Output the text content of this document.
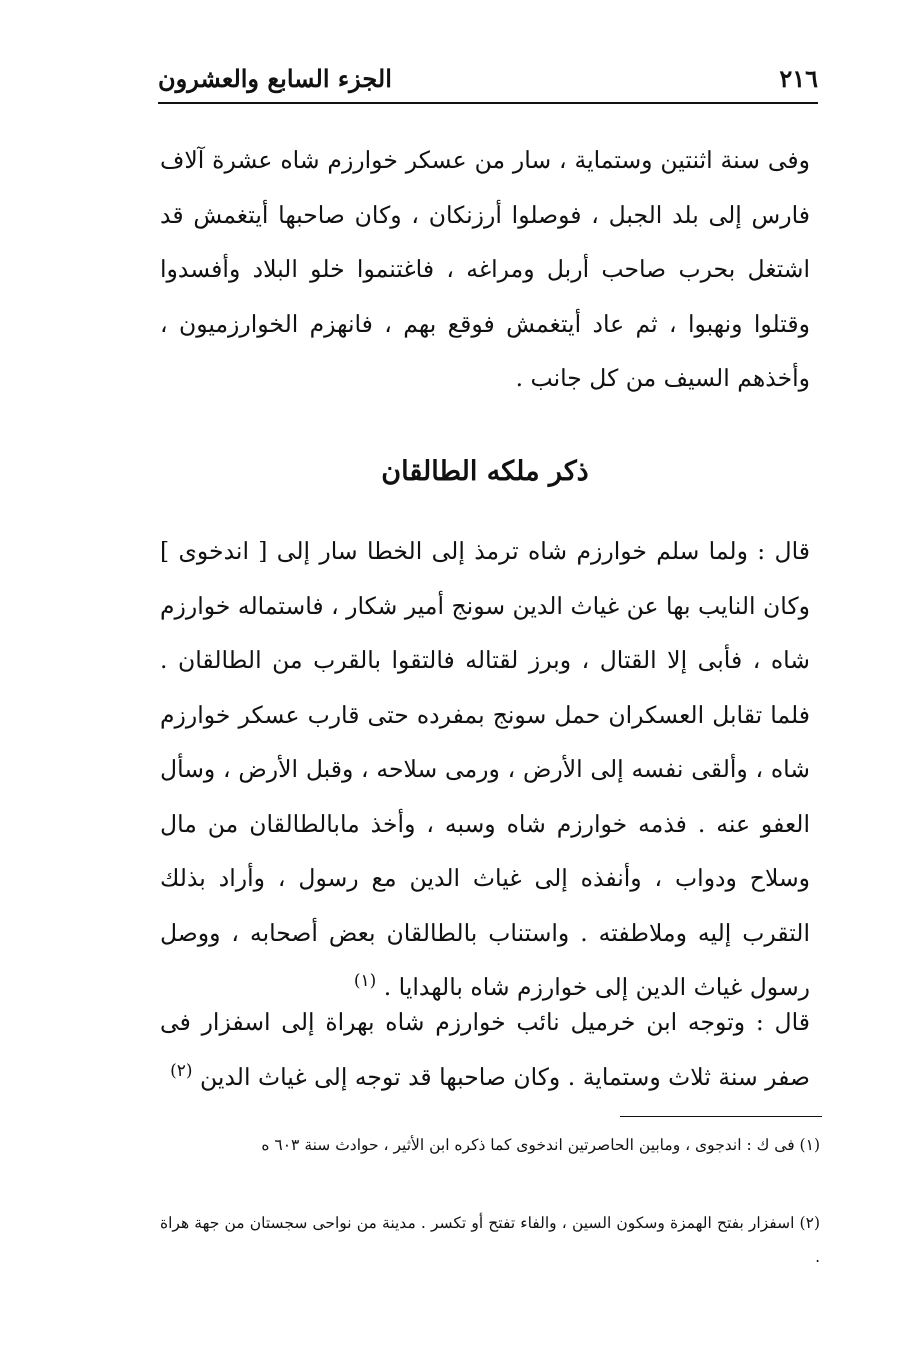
٢١٦
الجزء السابع والعشرون

وفى سنة اثنتين وستماية ، سار من عسكر خوارزم شاه عشرة آلاف فارس إلى بلد الجبل ، فوصلوا أرزنكان ، وكان صاحبها أيتغمش قد اشتغل بحرب صاحب أربل ومراغه ، فاغتنموا خلو البلاد وأفسدوا وقتلوا ونهبوا ، ثم عاد أيتغمش فوقع بهم ، فانهزم الخوارزميون ، وأخذهم السيف من كل جانب .

ذكر ملكه الطالقان

قال : ولما سلم خوارزم شاه ترمذ إلى الخطا سار إلى [ اندخوى ] وكان النايب بها عن غياث الدين سونج أمير شكار ، فاستماله خوارزم شاه ، فأبى إلا القتال ، وبرز لقتاله فالتقوا بالقرب من الطالقان . فلما تقابل العسكران حمل سونج بمفرده حتى قارب عسكر خوارزم شاه ، وألقى نفسه إلى الأرض ، ورمى سلاحه ، وقبل الأرض ، وسأل العفو عنه . فذمه خوارزم شاه وسبه ، وأخذ مابالطالقان من مال وسلاح ودواب ، وأنفذه إلى غياث الدين مع رسول ، وأراد بذلك التقرب إليه وملاطفته . واستناب بالطالقان بعض أصحابه ، ووصل رسول غياث الدين إلى خوارزم شاه بالهدايا . $^{(١)}$

قال : وتوجه ابن خرميل نائب خوارزم شاه بهراة إلى اسفزار فى صفر سنة ثلاث وستماية . وكان صاحبها قد توجه إلى غياث الدين $^{(٢)}$

(١) فى ك : اندجوى ، ومابين الحاصرتين اندخوى كما ذكره ابن الأثير ، حوادث سنة ٦٠٣ ه

(٢) اسفزار بفتح الهمزة وسكون السين ، والفاء تفتح أو تكسر . مدينة من نواحى سجستان من جهة هراة .
